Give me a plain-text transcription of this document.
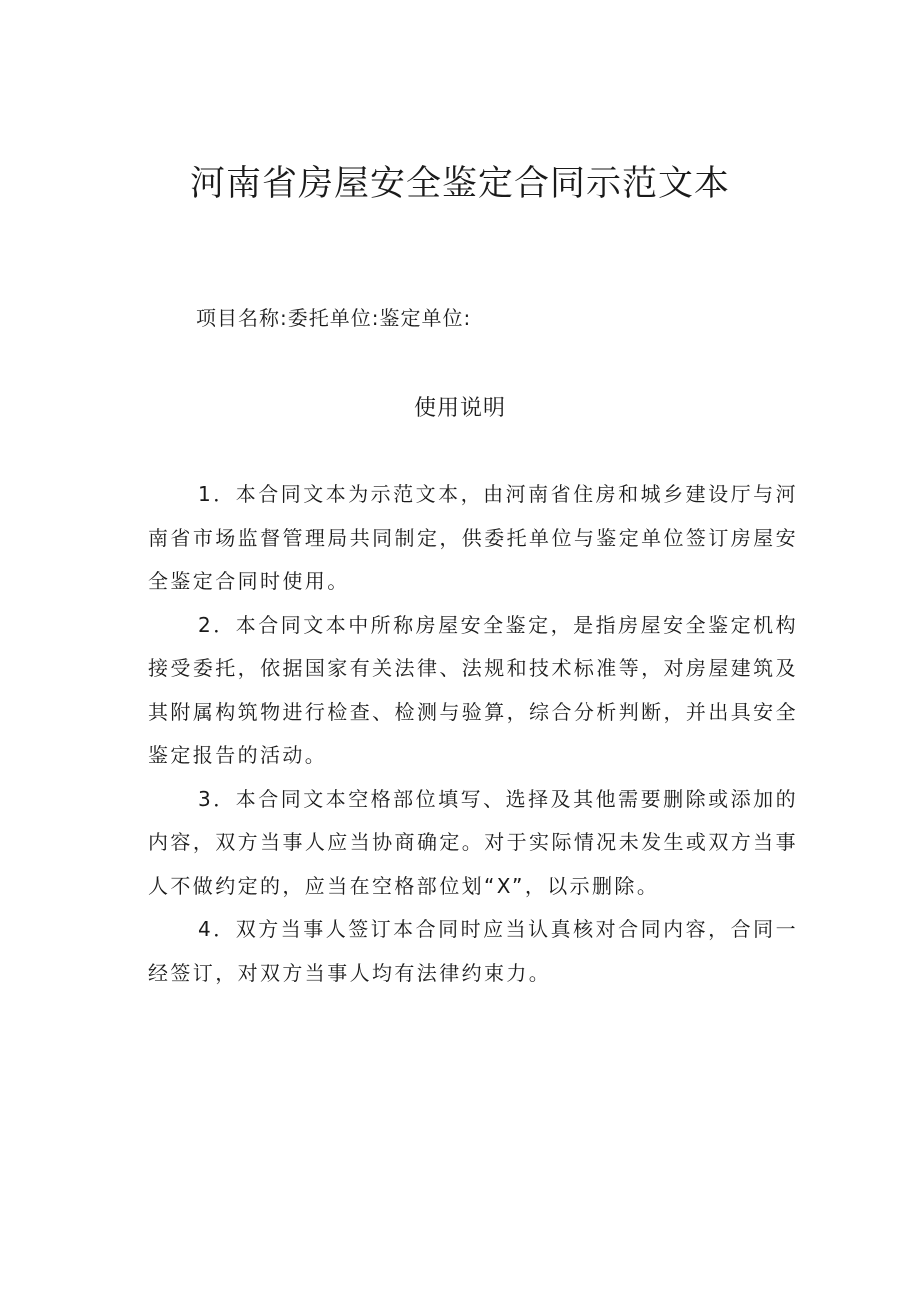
河南省房屋安全鉴定合同示范文本

项目名称:委托单位:鉴定单位:

使用说明

1．本合同文本为示范文本，由河南省住房和城乡建设厅与河南省市场监督管理局共同制定，供委托单位与鉴定单位签订房屋安全鉴定合同时使用。

2．本合同文本中所称房屋安全鉴定，是指房屋安全鉴定机构接受委托，依据国家有关法律、法规和技术标准等，对房屋建筑及其附属构筑物进行检查、检测与验算，综合分析判断，并出具安全鉴定报告的活动。

3．本合同文本空格部位填写、选择及其他需要删除或添加的内容，双方当事人应当协商确定。对于实际情况未发生或双方当事人不做约定的，应当在空格部位划“X”，以示删除。

4．双方当事人签订本合同时应当认真核对合同内容，合同一经签订，对双方当事人均有法律约束力。
